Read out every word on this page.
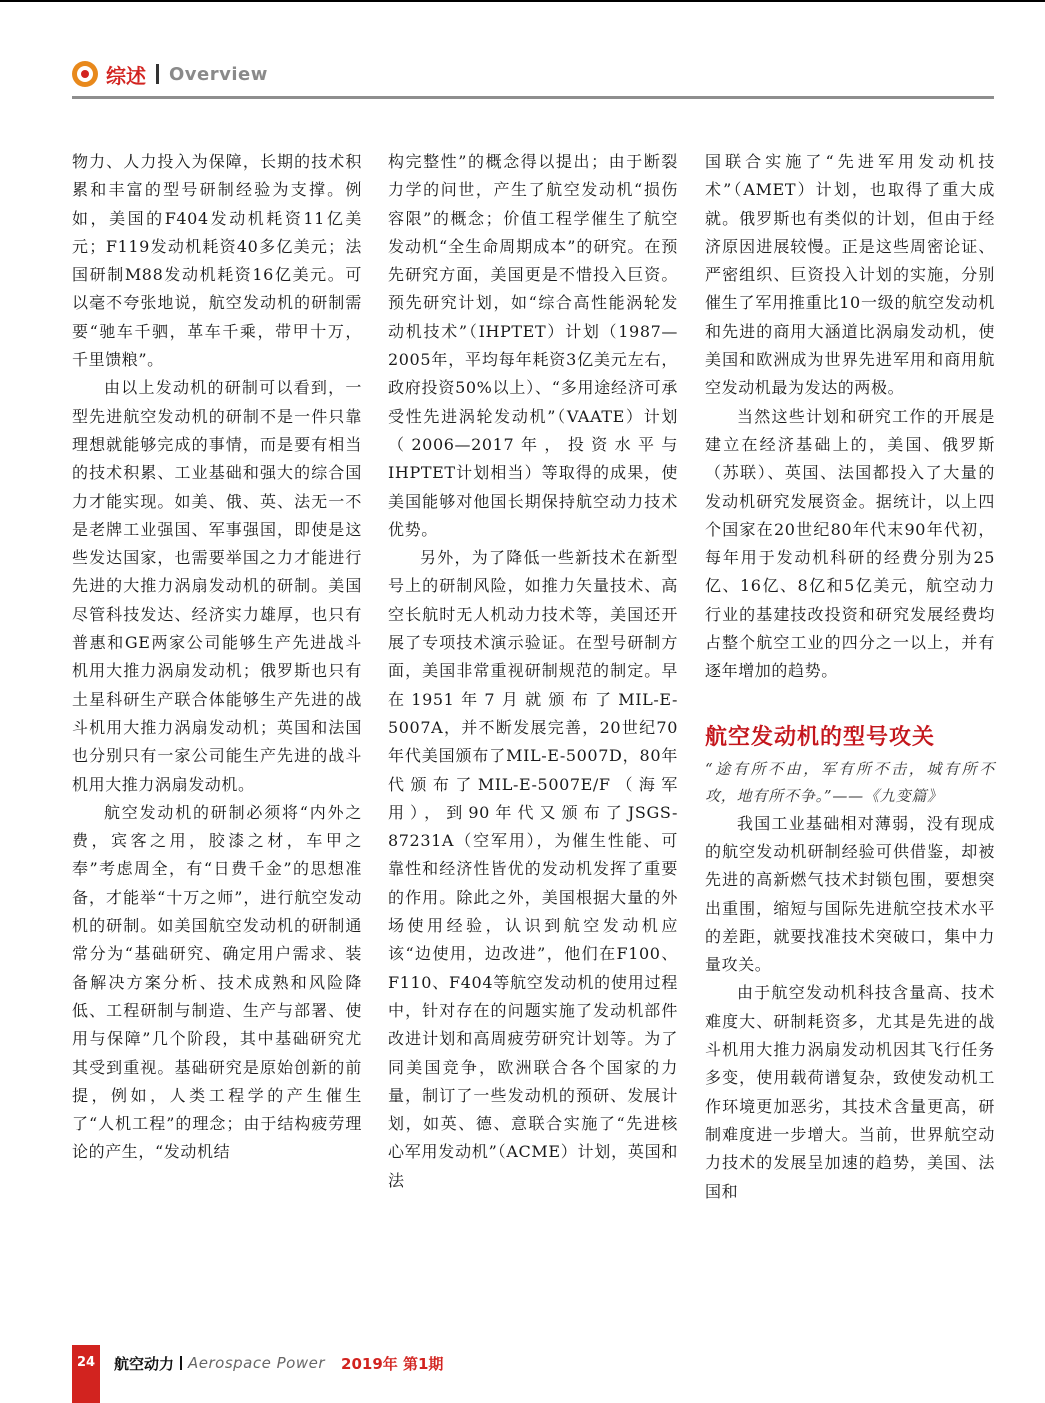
综述 Overview

物力、人力投入为保障，长期的技术积累和丰富的型号研制经验为支撑。例如，美国的F404发动机耗资11亿美元；F119发动机耗资40多亿美元；法国研制M88发动机耗资16亿美元。可以毫不夸张地说，航空发动机的研制需要“驰车千驷，革车千乘，带甲十万，千里馈粮”。

由以上发动机的研制可以看到，一型先进航空发动机的研制不是一件只靠理想就能够完成的事情，而是要有相当的技术积累、工业基础和强大的综合国力才能实现。如美、俄、英、法无一不是老牌工业强国、军事强国，即使是这些发达国家，也需要举国之力才能进行先进的大推力涡扇发动机的研制。美国尽管科技发达、经济实力雄厚，也只有普惠和GE两家公司能够生产先进战斗机用大推力涡扇发动机；俄罗斯也只有土星科研生产联合体能够生产先进的战斗机用大推力涡扇发动机；英国和法国也分别只有一家公司能生产先进的战斗机用大推力涡扇发动机。

航空发动机的研制必须将“内外之费，宾客之用，胶漆之材，车甲之奉”考虑周全，有“日费千金”的思想准备，才能举“十万之师”，进行航空发动机的研制。如美国航空发动机的研制通常分为“基础研究、确定用户需求、装备解决方案分析、技术成熟和风险降低、工程研制与制造、生产与部署、使用与保障”几个阶段，其中基础研究尤其受到重视。基础研究是原始创新的前提，例如，人类工程学的产生催生了“人机工程”的理念；由于结构疲劳理论的产生，“发动机结

构完整性”的概念得以提出；由于断裂力学的问世，产生了航空发动机“损伤容限”的概念；价值工程学催生了航空发动机“全生命周期成本”的研究。在预先研究方面，美国更是不惜投入巨资。预先研究计划，如“综合高性能涡轮发动机技术”（IHPTET）计划（1987—2005年，平均每年耗资3亿美元左右，政府投资50%以上）、“多用途经济可承受性先进涡轮发动机”（VAATE）计划（2006—2017年，投资水平与IHPTET计划相当）等取得的成果，使美国能够对他国长期保持航空动力技术优势。

另外，为了降低一些新技术在新型号上的研制风险，如推力矢量技术、高空长航时无人机动力技术等，美国还开展了专项技术演示验证。在型号研制方面，美国非常重视研制规范的制定。早在1951年7月就颁布了MIL-E-5007A，并不断发展完善，20世纪70年代美国颁布了MIL-E-5007D，80年代颁布了MIL-E-5007E/F（海军用），到90年代又颁布了JSGS-87231A（空军用），为催生性能、可靠性和经济性皆优的发动机发挥了重要的作用。除此之外，美国根据大量的外场使用经验，认识到航空发动机应该“边使用，边改进”，他们在F100、F110、F404等航空发动机的使用过程中，针对存在的问题实施了发动机部件改进计划和高周疲劳研究计划等。为了同美国竞争，欧洲联合各个国家的力量，制订了一些发动机的预研、发展计划，如英、德、意联合实施了“先进核心军用发动机”（ACME）计划，英国和法

国联合实施了“先进军用发动机技术”（AMET）计划，也取得了重大成就。俄罗斯也有类似的计划，但由于经济原因进展较慢。正是这些周密论证、严密组织、巨资投入计划的实施，分别催生了军用推重比10一级的航空发动机和先进的商用大涵道比涡扇发动机，使美国和欧洲成为世界先进军用和商用航空发动机最为发达的两极。

当然这些计划和研究工作的开展是建立在经济基础上的，美国、俄罗斯（苏联）、英国、法国都投入了大量的发动机研究发展资金。据统计，以上四个国家在20世纪80年代末90年代初，每年用于发动机科研的经费分别为25亿、16亿、8亿和5亿美元，航空动力行业的基建技改投资和研究发展经费均占整个航空工业的四分之一以上，并有逐年增加的趋势。

航空发动机的型号攻关

“途有所不由，军有所不击，城有所不攻，地有所不争。”——《九变篇》

我国工业基础相对薄弱，没有现成的航空发动机研制经验可供借鉴，却被先进的高新燃气技术封锁包围，要想突出重围，缩短与国际先进航空技术水平的差距，就要找准技术突破口，集中力量攻关。

由于航空发动机科技含量高、技术难度大、研制耗资多，尤其是先进的战斗机用大推力涡扇发动机因其飞行任务多变，使用载荷谱复杂，致使发动机工作环境更加恶劣，其技术含量更高，研制难度进一步增大。当前，世界航空动力技术的发展呈加速的趋势，美国、法国和

24	航空动力 Aerospace Power 2019年 第1期
